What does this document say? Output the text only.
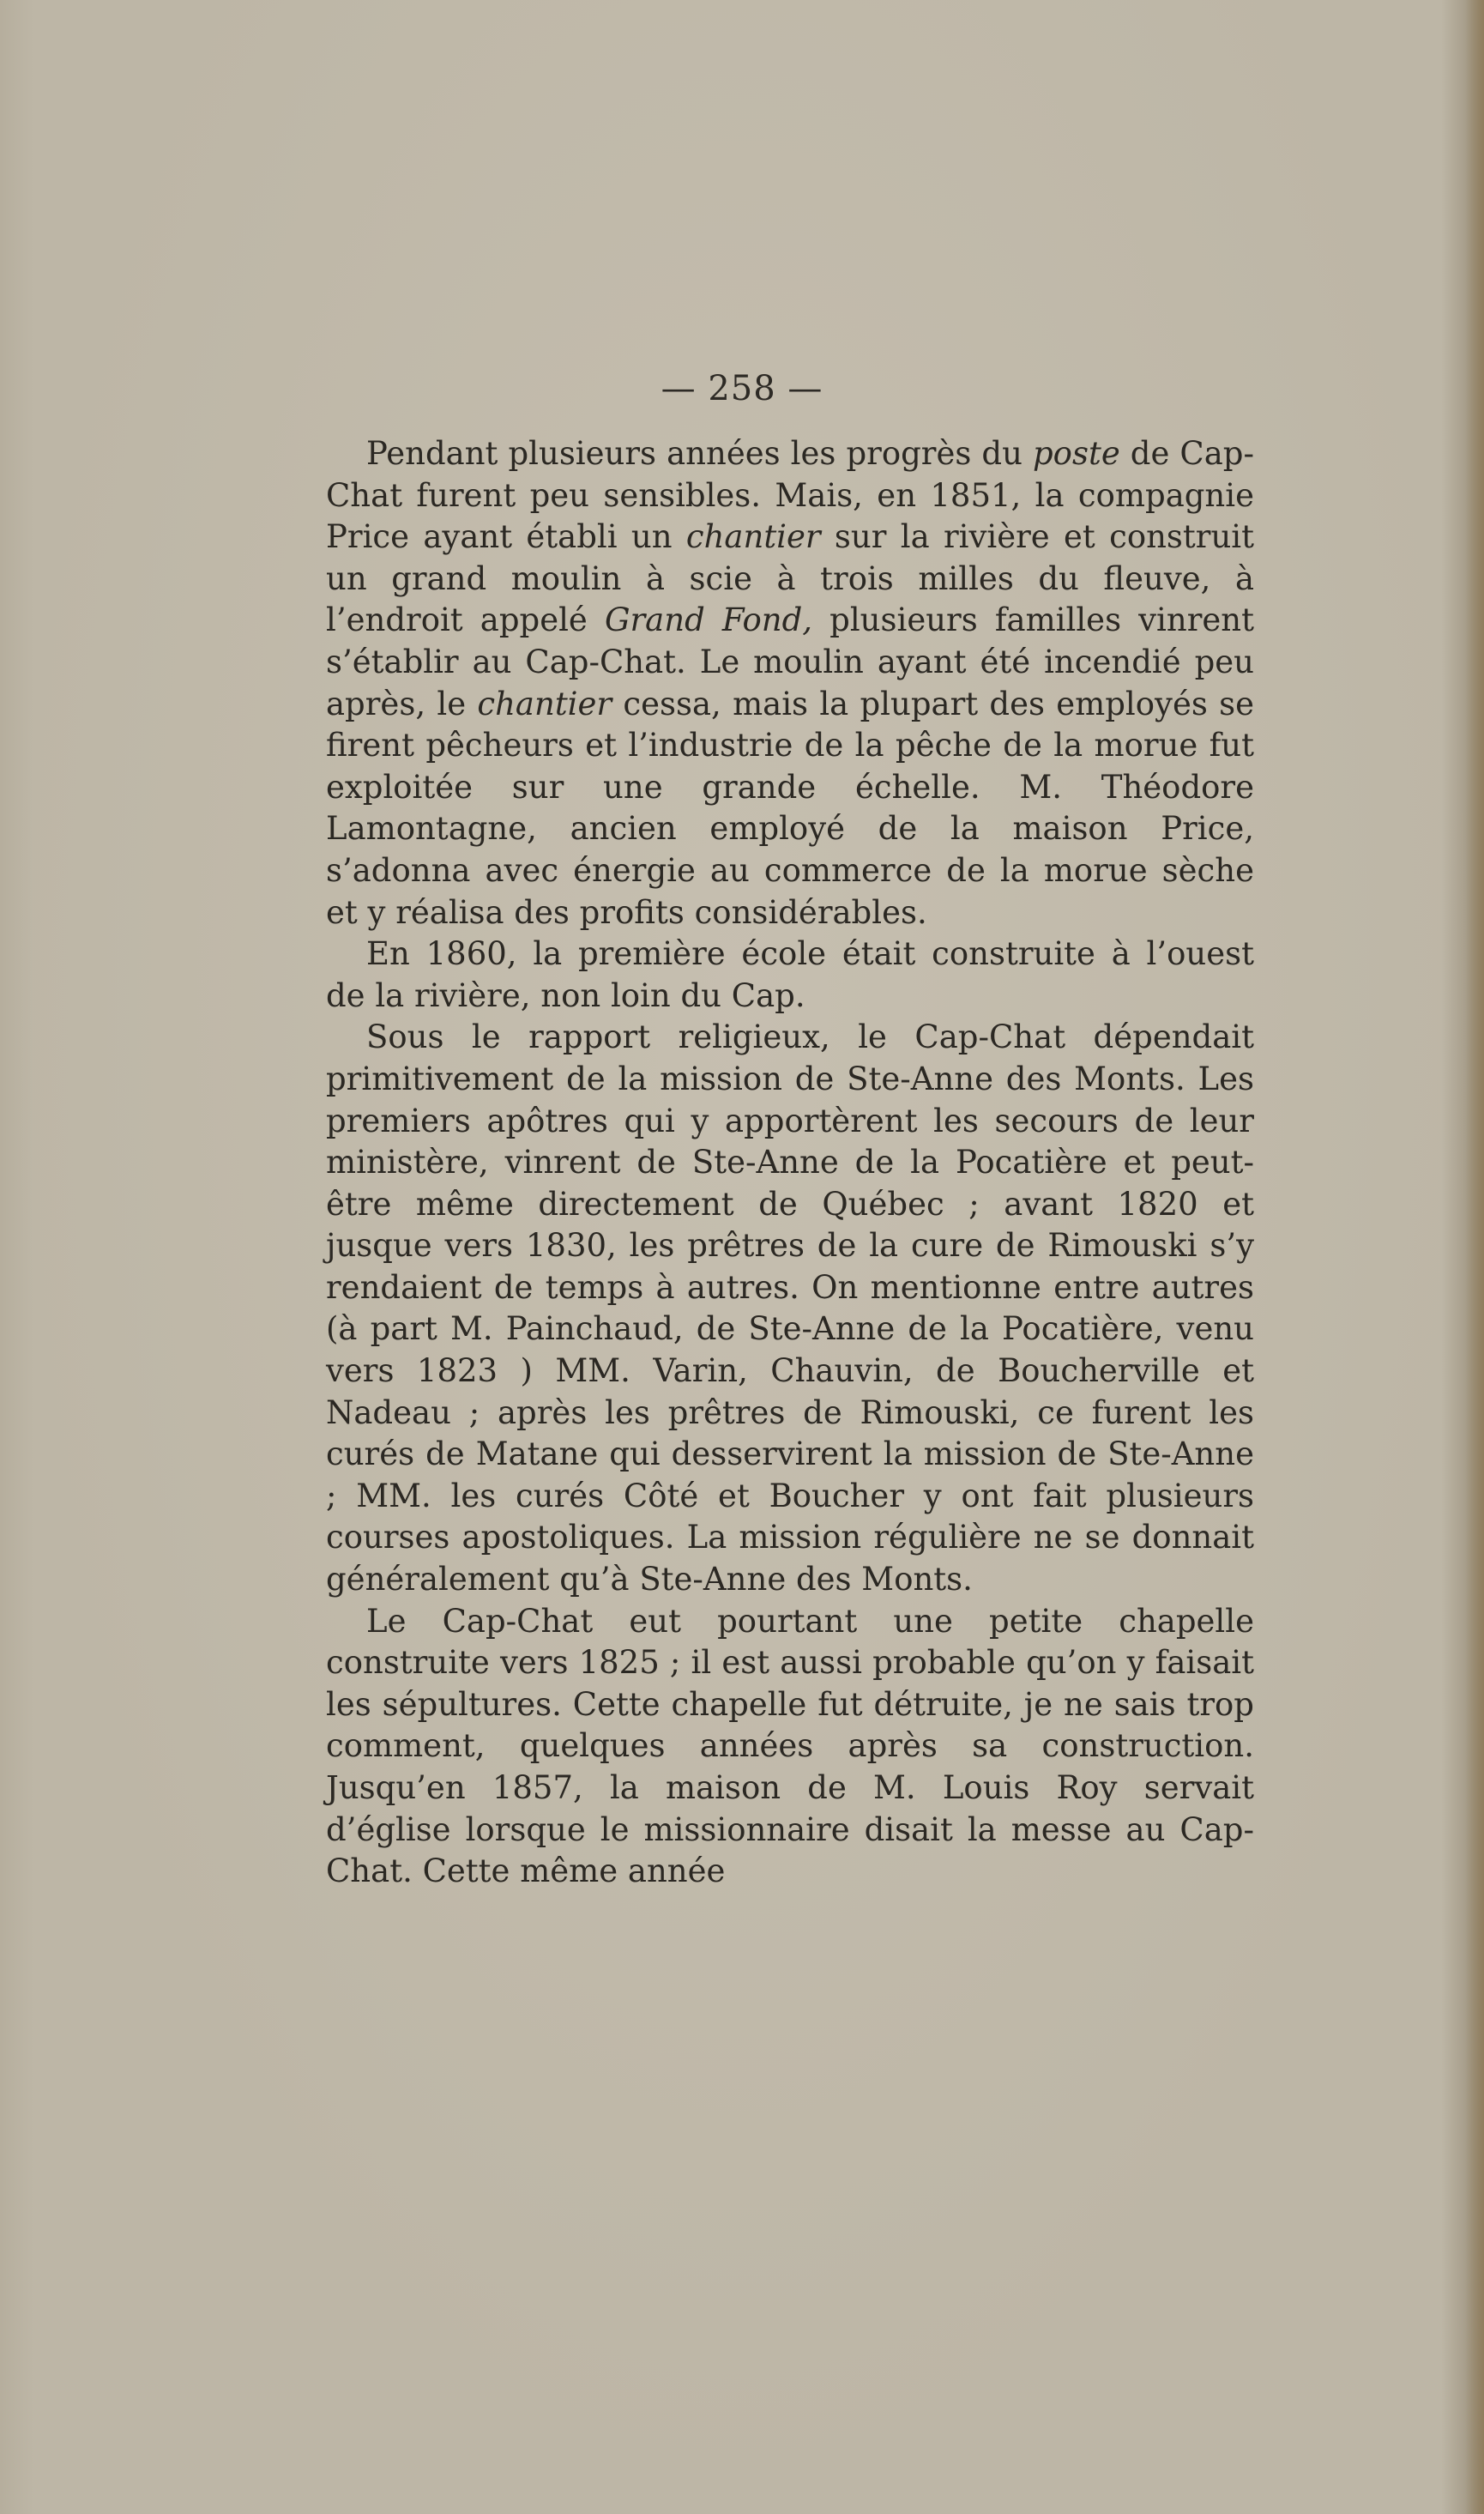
— 258 —

Pendant plusieurs années les progrès du poste de Cap-Chat furent peu sensibles. Mais, en 1851, la compagnie Price ayant établi un chantier sur la rivière et construit un grand moulin à scie à trois milles du fleuve, à l’endroit appelé Grand Fond, plusieurs familles vinrent s’établir au Cap-Chat. Le moulin ayant été incendié peu après, le chantier cessa, mais la plupart des employés se firent pêcheurs et l’industrie de la pêche de la morue fut exploitée sur une grande échelle. M. Théodore Lamontagne, ancien employé de la maison Price, s’adonna avec énergie au commerce de la morue sèche et y réalisa des profits considérables.

En 1860, la première école était construite à l’ouest de la rivière, non loin du Cap.

Sous le rapport religieux, le Cap-Chat dépendait primitivement de la mission de Ste-Anne des Monts. Les premiers apôtres qui y apportèrent les secours de leur ministère, vinrent de Ste-Anne de la Pocatière et peut-être même directement de Québec ; avant 1820 et jusque vers 1830, les prêtres de la cure de Rimouski s’y rendaient de temps à autres. On mentionne entre autres (à part M. Painchaud, de Ste-Anne de la Pocatière, venu vers 1823 ) MM. Varin, Chauvin, de Boucherville et Nadeau ; après les prêtres de Rimouski, ce furent les curés de Matane qui desservirent la mission de Ste-Anne ; MM. les curés Côté et Boucher y ont fait plusieurs courses apostoliques. La mission régulière ne se donnait généralement qu’à Ste-Anne des Monts.

Le Cap-Chat eut pourtant une petite chapelle construite vers 1825 ; il est aussi probable qu’on y faisait les sépultures. Cette chapelle fut détruite, je ne sais trop comment, quelques années après sa construction. Jusqu’en 1857, la maison de M. Louis Roy servait d’église lorsque le missionnaire disait la messe au Cap-Chat. Cette même année
